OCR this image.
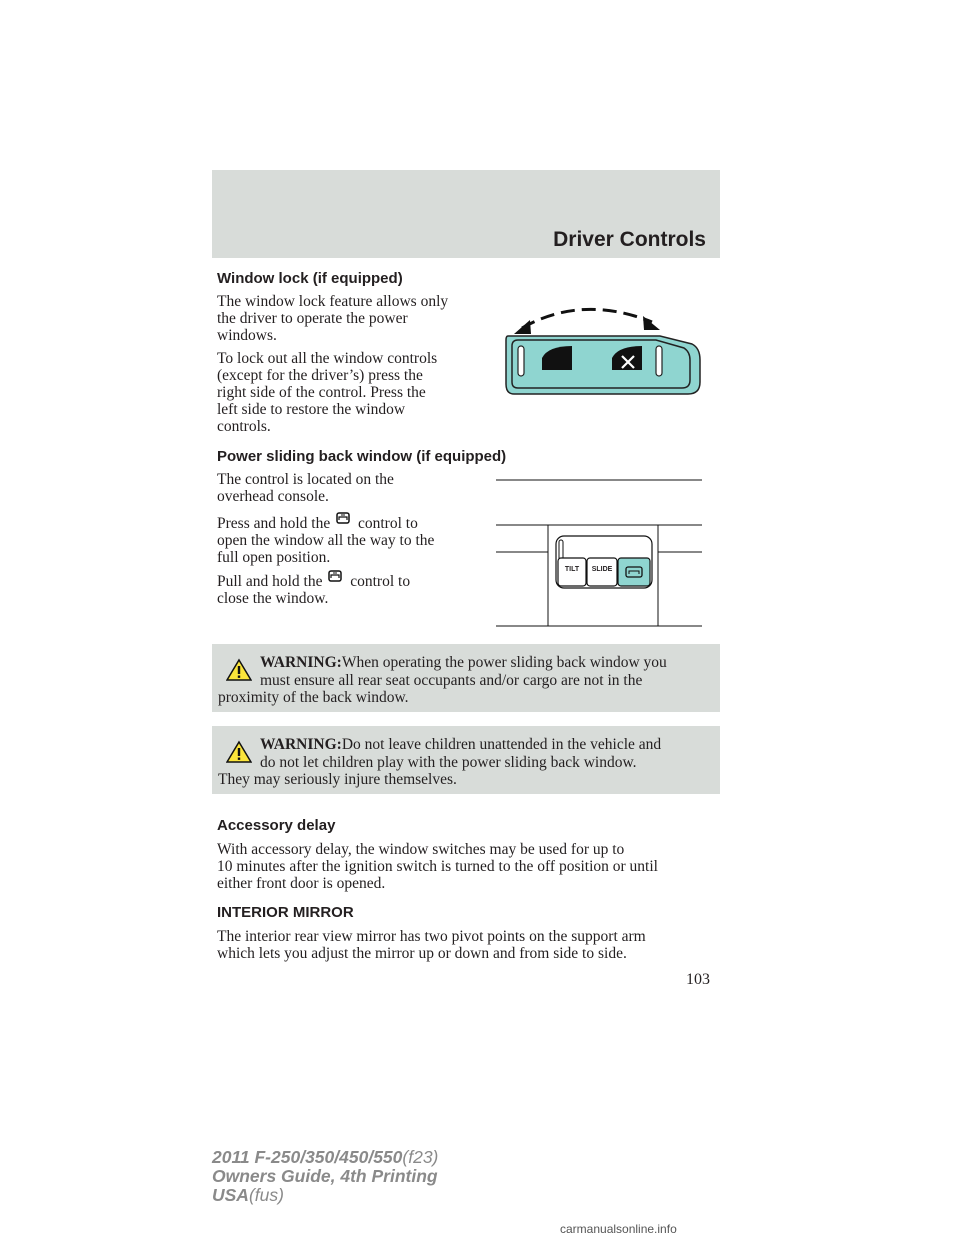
Driver Controls
Window lock (if equipped)
The window lock feature allows only
the driver to operate the power
windows.
To lock out all the window controls
(except for the driver’s) press the
right side of the control. Press the
left side to restore the window
controls.
Power sliding back window (if equipped)
The control is located on the
overhead console.
Press and hold the control to
open the window all the way to the
full open position.
Pull and hold the control to
close the window.
TILT	SLIDE
WARNING:When operating the power sliding back window you
must ensure all rear seat occupants and/or cargo are not in the
proximity of the back window.
WARNING:Do not leave children unattended in the vehicle and
do not let children play with the power sliding back window.
They may seriously injure themselves.
Accessory delay
With accessory delay, the window switches may be used for up to
10 minutes after the ignition switch is turned to the off position or until
either front door is opened.
INTERIOR MIRROR
The interior rear view mirror has two pivot points on the support arm
which lets you adjust the mirror up or down and from side to side.
103
2011 F-250/350/450/550(f23)
Owners Guide, 4th Printing
USA(fus)
carmanualsonline.info
